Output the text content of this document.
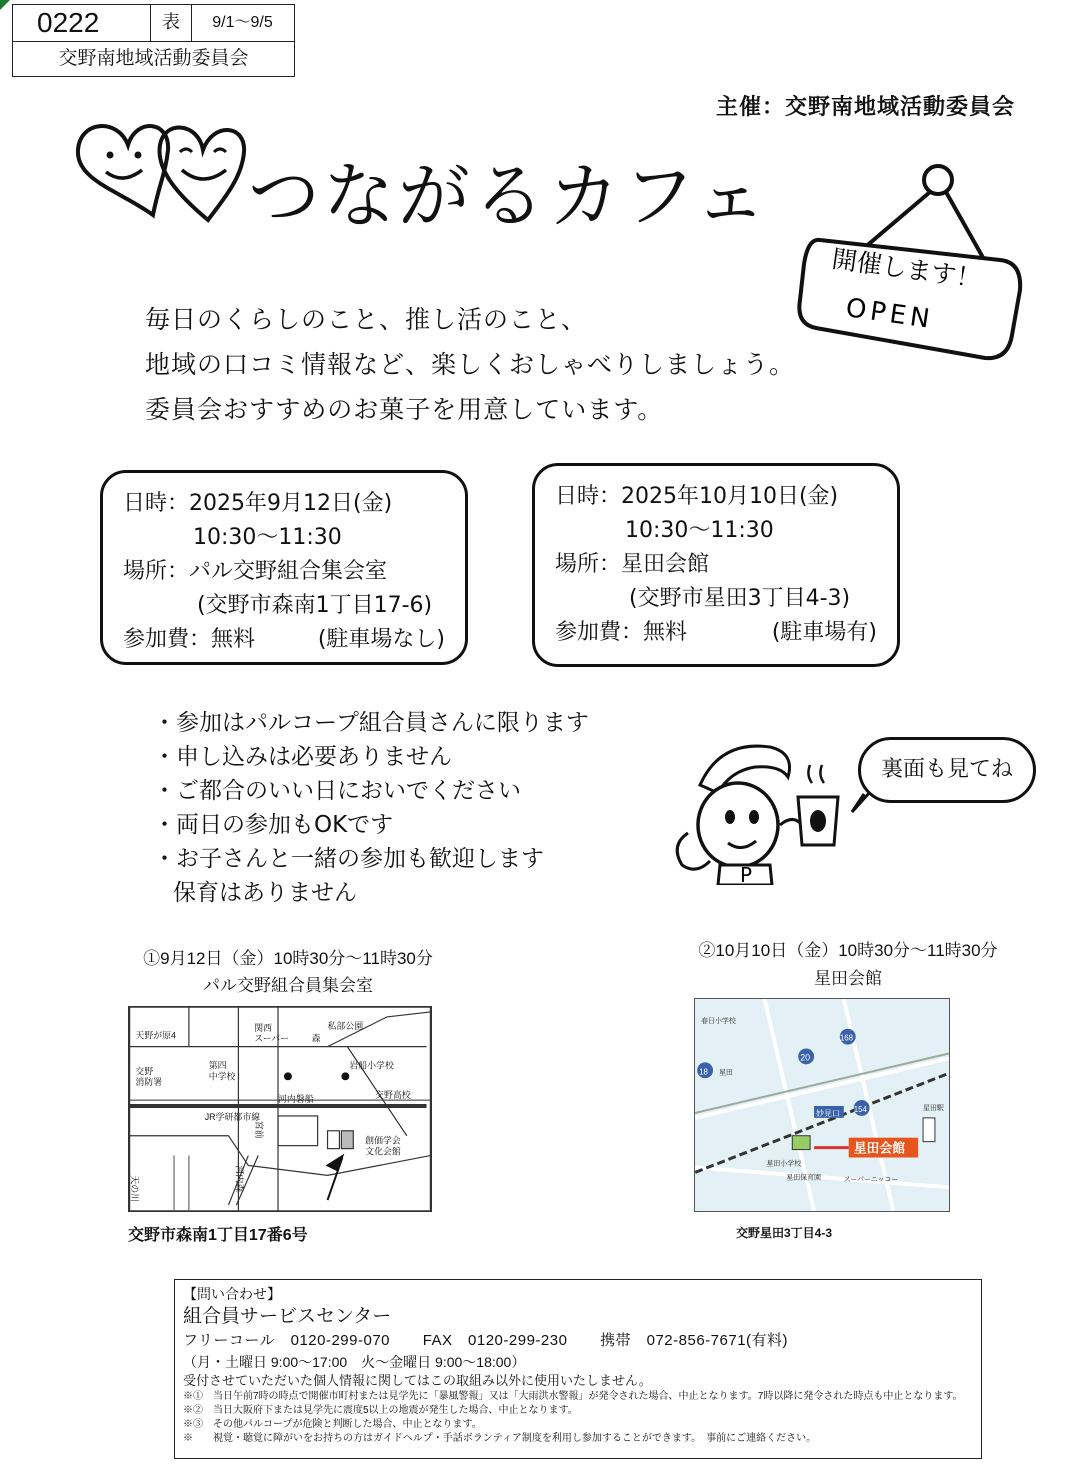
0222	表	9/1～9/5
交野南地域活動委員会
主催：交野南地域活動委員会
つながるカフェ
開催します！
OPEN
毎日のくらしのこと、推し活のこと、
地域の口コミ情報など、楽しくおしゃべりしましょう。
委員会おすすめのお菓子を用意しています。
日時：2025年9月12日(金)
10:30～11:30
場所：パル交野組合集会室
(交野市森南1丁目17-6)
参加費：無料	(駐車場なし)
日時：2025年10月10日(金)
10:30～11:30
場所：星田会館
(交野市星田3丁目4-3)
参加費：無料	(駐車場有)
・参加はパルコープ組合員さんに限ります
・申し込みは必要ありません
・ご都合のいい日においでください
・両日の参加もOKです
・お子さんと一緒の参加も歓迎します
保育はありません
P
裏面も見てね
①9月12日（金）10時30分～11時30分
パル交野組合員集会室
②10月10日（金）10時30分～11時30分
星田会館
天野が原4
関西
スーパー	森
私部公園
交野
消防署
第四
中学校
岩船小学校
JR学研都市線
河内磐船	交野高校
創価学会
文化会館
天の川	河内森
宮前
星田会館
20
168
154
18
妙見口
春日小学校
星田
星田小学校
星田保育園	スーパーニッコー
星田駅
交野市森南1丁目17番6号	交野星田3丁目4-3
【問い合わせ】
組合員サービスセンター
フリーコール　0120-299-070 FAX　0120-299-230 携帯　072-856-7671(有料)
（月・土曜日 9:00～17:00　火～金曜日 9:00～18:00）
受付させていただいた個人情報に関してはこの取組み以外に使用いたしません。
※①　当日午前7時の時点で開催市町村または見学先に「暴風警報」又は「大雨洪水警報」が発令された場合、中止となります。7時以降に発令された時点も中止となります。
※②　当日大阪府下または見学先に震度5以上の地震が発生した場合、中止となります。
※③　その他パルコープが危険と判断した場合、中止となります。
※　　視覚・聴覚に障がいをお持ちの方はガイドヘルプ・手話ボランティア制度を利用し参加することができます。　事前にご連絡ください。
